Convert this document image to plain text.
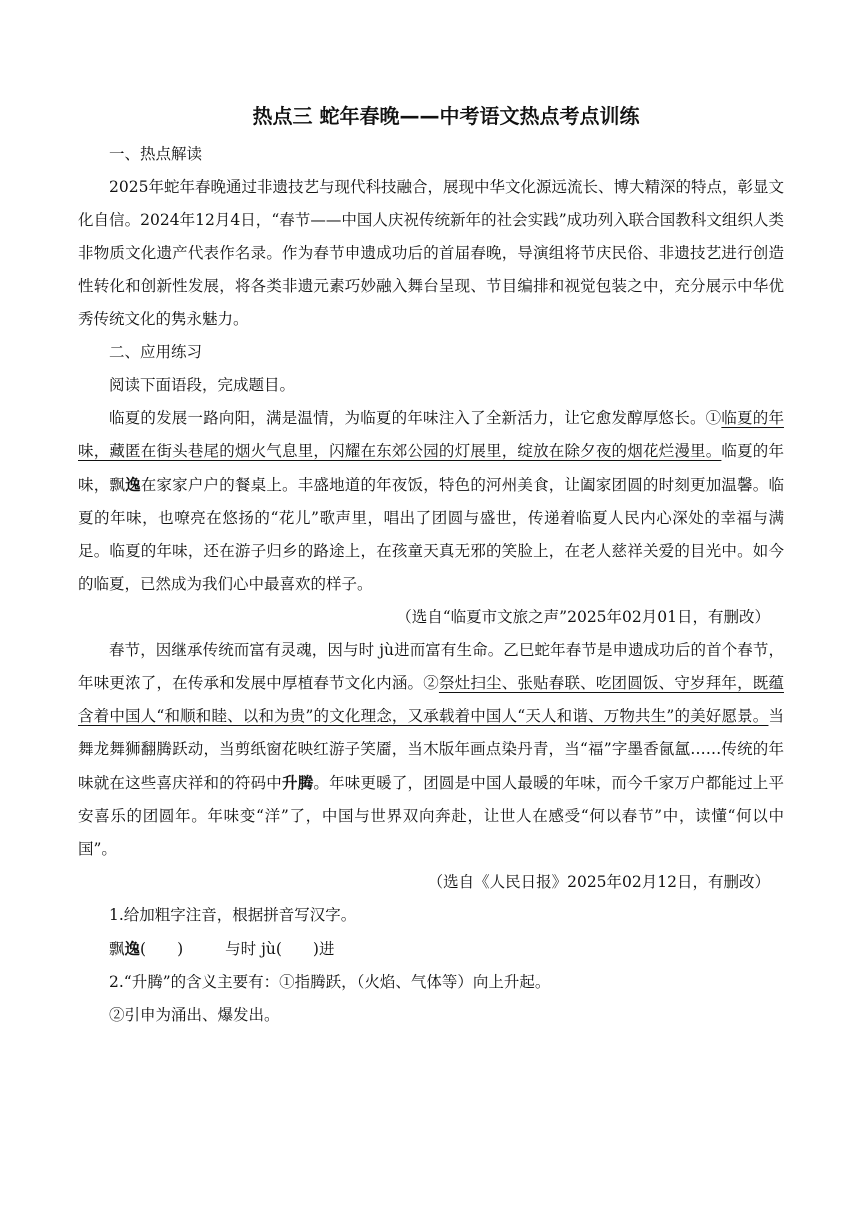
热点三 蛇年春晚——中考语文热点考点训练

一、热点解读

2025年蛇年春晚通过非遗技艺与现代科技融合，展现中华文化源远流长、博大精深的特点，彰显文化自信。2024年12月4日，“春节——中国人庆祝传统新年的社会实践”成功列入联合国教科文组织人类非物质文化遗产代表作名录。作为春节申遗成功后的首届春晚，导演组将节庆民俗、非遗技艺进行创造性转化和创新性发展，将各类非遗元素巧妙融入舞台呈现、节目编排和视觉包装之中，充分展示中华优秀传统文化的隽永魅力。

二、应用练习

阅读下面语段，完成题目。

临夏的发展一路向阳，满是温情，为临夏的年味注入了全新活力，让它愈发醇厚悠长。①临夏的年味，藏匿在街头巷尾的烟火气息里，闪耀在东郊公园的灯展里，绽放在除夕夜的烟花烂漫里。临夏的年味，飘逸在家家户户的餐桌上。丰盛地道的年夜饭，特色的河州美食，让阖家团圆的时刻更加温馨。临夏的年味，也嘹亮在悠扬的“花儿”歌声里，唱出了团圆与盛世，传递着临夏人民内心深处的幸福与满足。临夏的年味，还在游子归乡的路途上，在孩童天真无邪的笑脸上，在老人慈祥关爱的目光中。如今的临夏，已然成为我们心中最喜欢的样子。

（选自“临夏市文旅之声”2025年02月01日，有删改）

春节，因继承传统而富有灵魂，因与时 jù进而富有生命。乙巳蛇年春节是申遗成功后的首个春节，年味更浓了，在传承和发展中厚植春节文化内涵。②祭灶扫尘、张贴春联、吃团圆饭、守岁拜年，既蕴含着中国人“和顺和睦、以和为贵”的文化理念，又承载着中国人“天人和谐、万物共生”的美好愿景。当舞龙舞狮翻腾跃动，当剪纸窗花映红游子笑靥，当木版年画点染丹青，当“福”字墨香氤氲……传统的年味就在这些喜庆祥和的符码中升腾。年味更暖了，团圆是中国人最暖的年味，而今千家万户都能过上平安喜乐的团圆年。年味变“洋”了，中国与世界双向奔赴，让世人在感受“何以春节”中，读懂“何以中国”。

（选自《人民日报》2025年02月12日，有删改）

1.给加粗字注音，根据拼音写汉字。

飘逸(　　)	与时 jù(　　)进

2.“升腾”的含义主要有：①指腾跃，（火焰、气体等）向上升起。

②引申为涌出、爆发出。
